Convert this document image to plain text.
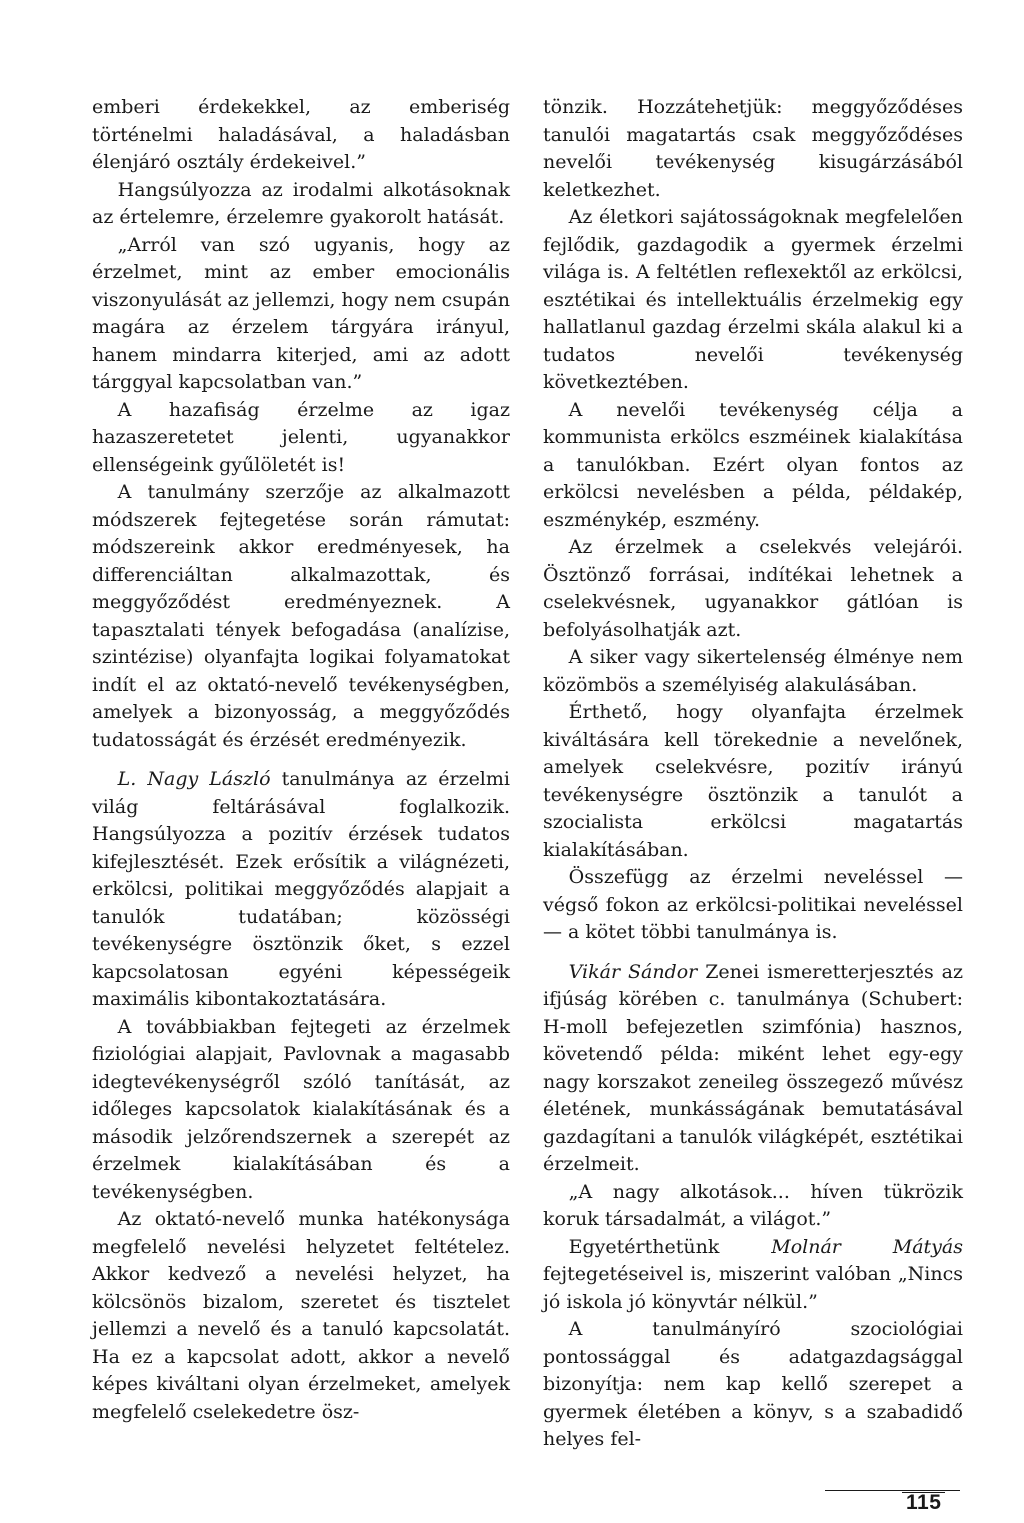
emberi érdekekkel, az emberiség történelmi haladásával, a haladásban élenjáró osztály érdekeivel.”

Hangsúlyozza az irodalmi alkotásoknak az értelemre, érzelemre gyakorolt hatását.

„Arról van szó ugyanis, hogy az érzelmet, mint az ember emocionális viszonyulását az jellemzi, hogy nem csupán magára az érzelem tárgyára irányul, hanem mindarra kiterjed, ami az adott tárggyal kapcsolatban van.”

A hazafiság érzelme az igaz hazaszeretetet jelenti, ugyanakkor ellenségeink gyűlöletét is!

A tanulmány szerzője az alkalmazott módszerek fejtegetése során rámutat: módszereink akkor eredményesek, ha differenciáltan alkalmazottak, és meggyőződést eredményeznek. A tapasztalati tények befogadása (analízise, szintézise) olyanfajta logikai folyamatokat indít el az oktató-nevelő tevékenységben, amelyek a bizonyosság, a meggyőződés tudatosságát és érzését eredményezik.

L. Nagy László tanulmánya az érzelmi világ feltárásával foglalkozik. Hangsúlyozza a pozitív érzések tudatos kifejlesztését. Ezek erősítik a világnézeti, erkölcsi, politikai meggyőződés alapjait a tanulók tudatában; közösségi tevékenységre ösztönzik őket, s ezzel kapcsolatosan egyéni képességeik maximális kibontakoztatására.

A továbbiakban fejtegeti az érzelmek fiziológiai alapjait, Pavlovnak a magasabb idegtevékenységről szóló tanítását, az időleges kapcsolatok kialakításának és a második jelzőrendszernek a szerepét az érzelmek kialakításában és a tevékenységben.

Az oktató-nevelő munka hatékonysága megfelelő nevelési helyzetet feltételez. Akkor kedvező a nevelési helyzet, ha kölcsönös bizalom, szeretet és tisztelet jellemzi a nevelő és a tanuló kapcsolatát. Ha ez a kapcsolat adott, akkor a nevelő képes kiváltani olyan érzelmeket, amelyek megfelelő cselekedetre ösz-

tönzik. Hozzátehetjük: meggyőződéses tanulói magatartás csak meggyőződéses nevelői tevékenység kisugárzásából keletkezhet.

Az életkori sajátosságoknak megfelelően fejlődik, gazdagodik a gyermek érzelmi világa is. A feltétlen reflexektől az erkölcsi, esztétikai és intellektuális érzelmekig egy hallatlanul gazdag érzelmi skála alakul ki a tudatos nevelői tevékenység következtében.

A nevelői tevékenység célja a kommunista erkölcs eszméinek kialakítása a tanulókban. Ezért olyan fontos az erkölcsi nevelésben a példa, példakép, eszménykép, eszmény.

Az érzelmek a cselekvés velejárói. Ösztönző forrásai, indítékai lehetnek a cselekvésnek, ugyanakkor gátlóan is befolyásolhatják azt.

A siker vagy sikertelenség élménye nem közömbös a személyiség alakulásában.

Érthető, hogy olyanfajta érzelmek kiváltására kell törekednie a nevelőnek, amelyek cselekvésre, pozitív irányú tevékenységre ösztönzik a tanulót a szocialista erkölcsi magatartás kialakításában.

Összefügg az érzelmi neveléssel — végső fokon az erkölcsi-politikai neveléssel — a kötet többi tanulmánya is.

Vikár Sándor Zenei ismeretterjesztés az ifjúság körében c. tanulmánya (Schubert: H-moll befejezetlen szimfónia) hasznos, követendő példa: miként lehet egy-egy nagy korszakot zeneileg összegező művész életének, munkásságának bemutatásával gazdagítani a tanulók világképét, esztétikai érzelmeit.

„A nagy alkotások... híven tükrözik koruk társadalmát, a világot.”

Egyetérthetünk Molnár Mátyás fejtegetéseivel is, miszerint valóban „Nincs jó iskola jó könyvtár nélkül.”

A tanulmányíró szociológiai pontossággal és adatgazdagsággal bizonyítja: nem kap kellő szerepet a gyermek életében a könyv, s a szabadidő helyes fel-

115
